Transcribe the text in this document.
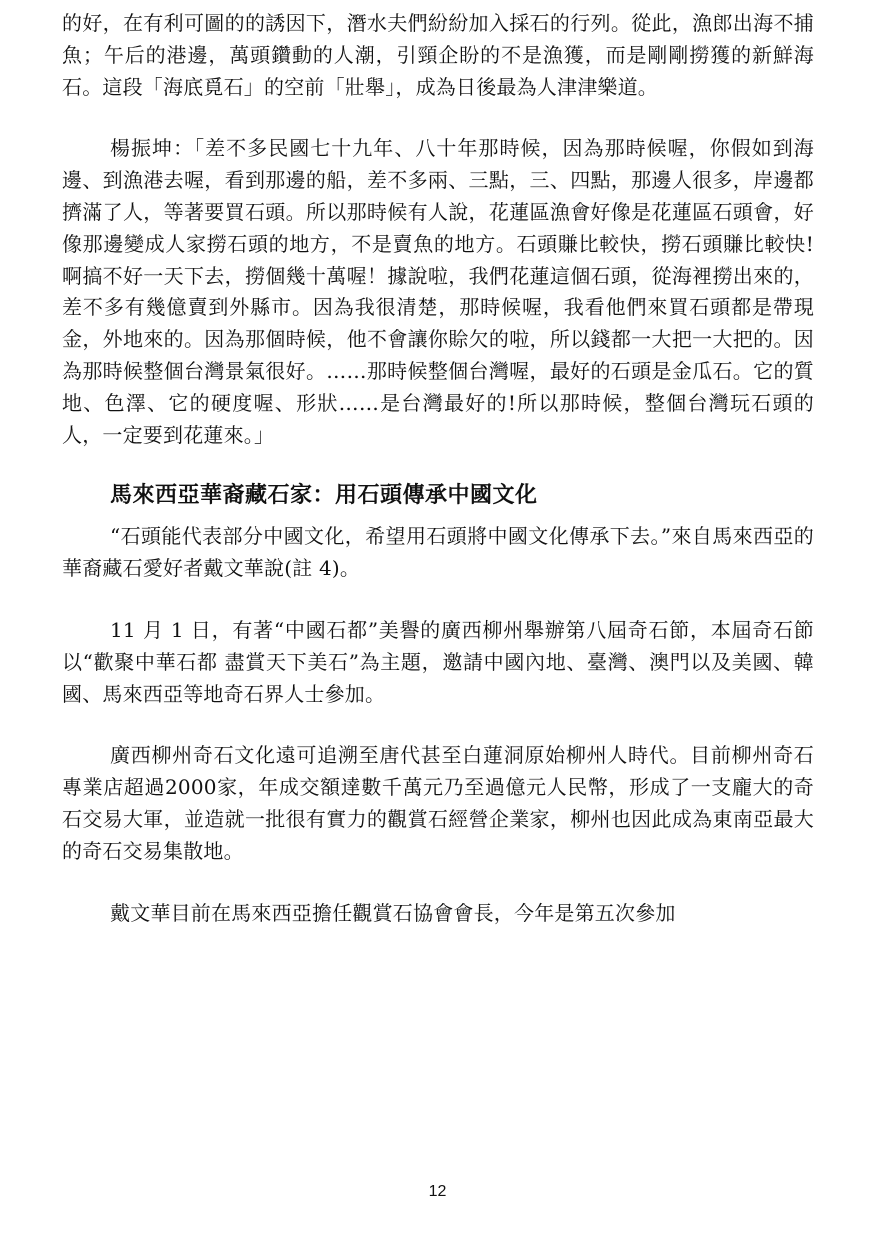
的好，在有利可圖的的誘因下，潛水夫們紛紛加入採石的行列。從此，漁郎出海不捕魚；午后的港邊，萬頭鑽動的人潮，引頸企盼的不是漁獲，而是剛剛撈獲的新鮮海石。這段「海底覓石」的空前「壯舉」，成為日後最為人津津樂道。

楊振坤：「差不多民國七十九年、八十年那時候，因為那時候喔，你假如到海邊、到漁港去喔，看到那邊的船，差不多兩、三點，三、四點，那邊人很多，岸邊都擠滿了人，等著要買石頭。所以那時候有人說，花蓮區漁會好像是花蓮區石頭會，好像那邊變成人家撈石頭的地方，不是賣魚的地方。石頭賺比較快，撈石頭賺比較快!啊搞不好一天下去，撈個幾十萬喔！據說啦，我們花蓮這個石頭，從海裡撈出來的，差不多有幾億賣到外縣市。因為我很清楚，那時候喔，我看他們來買石頭都是帶現金，外地來的。因為那個時候，他不會讓你賒欠的啦，所以錢都一大把一大把的。因為那時候整個台灣景氣很好。……那時候整個台灣喔，最好的石頭是金瓜石。它的質地、色澤、它的硬度喔、形狀……是台灣最好的!所以那時候，整個台灣玩石頭的人，一定要到花蓮來。」

馬來西亞華裔藏石家：用石頭傳承中國文化

“石頭能代表部分中國文化，希望用石頭將中國文化傳承下去。”來自馬來西亞的華裔藏石愛好者戴文華說(註 4)。

11 月 1 日，有著“中國石都”美譽的廣西柳州舉辦第八屆奇石節，本屆奇石節以“歡聚中華石都 盡賞天下美石”為主題，邀請中國內地、臺灣、澳門以及美國、韓國、馬來西亞等地奇石界人士參加。

廣西柳州奇石文化遠可追溯至唐代甚至白蓮洞原始柳州人時代。目前柳州奇石專業店超過2000家，年成交額達數千萬元乃至過億元人民幣，形成了一支龐大的奇石交易大軍，並造就一批很有實力的觀賞石經營企業家，柳州也因此成為東南亞最大的奇石交易集散地。

戴文華目前在馬來西亞擔任觀賞石協會會長，今年是第五次參加

12
